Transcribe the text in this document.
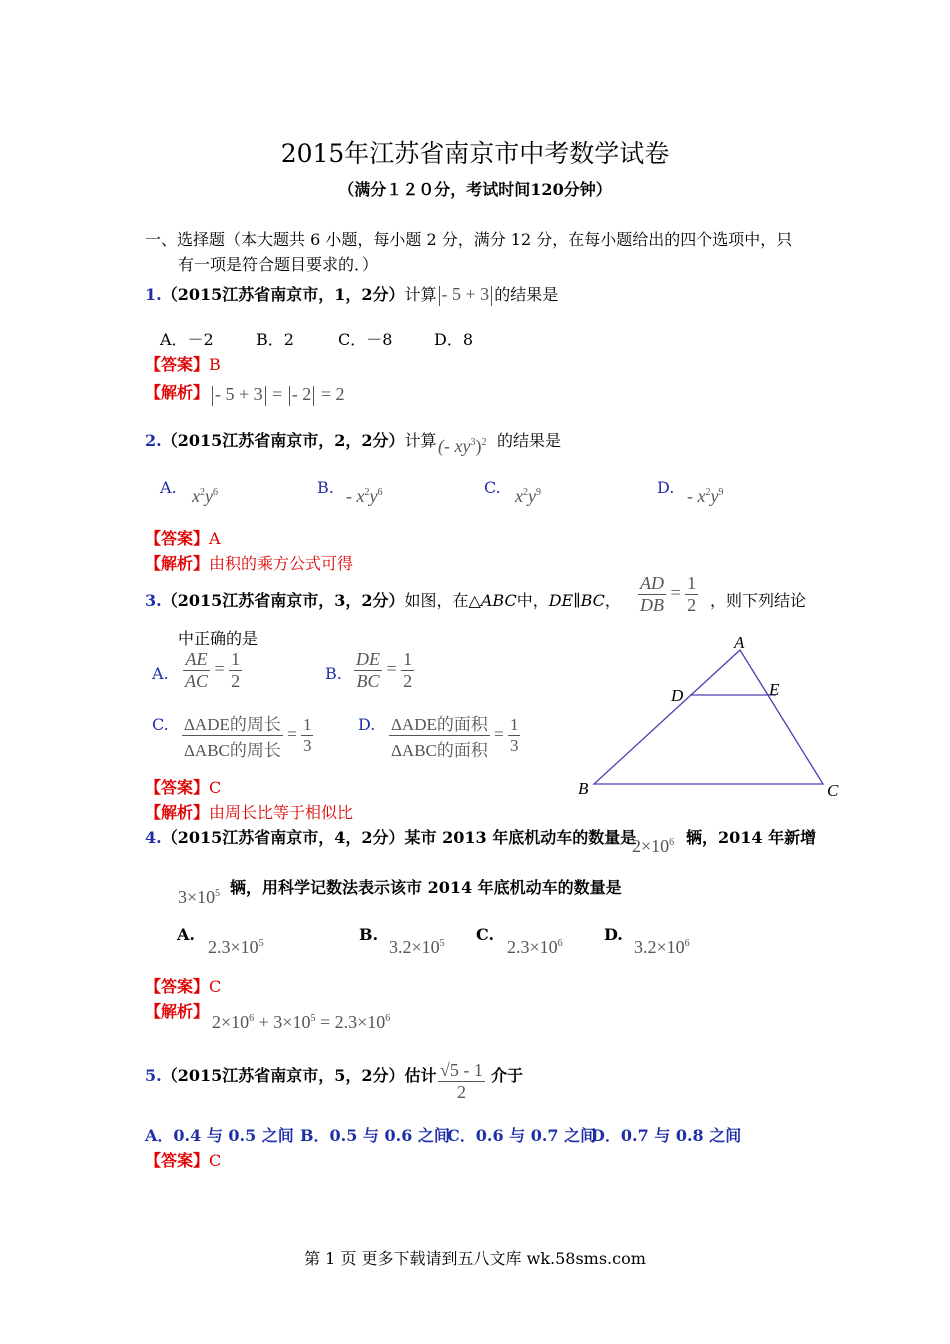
2015年江苏省南京市中考数学试卷
（满分１２０分，考试时间120分钟）
一、选择题（本大题共 6 小题，每小题 2 分，满分 12 分，在每小题给出的四个选项中，只
有一项是符合题目要求的．）
1.（2015江苏省南京市，1，2分）计算 - 5 + 3 的结果是
A．－2	B．2	C．－8	D．8
【答案】B
【解析】 - 5 + 3 = - 2 = 2
2.（2015江苏省南京市，2，2分）计算 (- $xy^3)^2$ 的结果是
A. $x^2y^6$	B. - $x^2y^6$	C. $x^2y^9$	D. - $x^2y^9$
【答案】A
【解析】由积的乘方公式可得
3.（2015江苏省南京市，3，2分）如图，在△ABC中，DE∥BC， $\frac{AD}{DB} = \frac{1}{2}$ ，则下列结论
中正确的是
A. $\frac{AE}{AC} = \frac{1}{2}$	B. $\frac{DE}{BC} = \frac{1}{2}$
C. $\frac{\text{ΔADE的周长}}{\text{ΔABC的周长}} = \frac{1}{3}$	D. $\frac{\text{ΔADE的面积}}{\text{ΔABC的面积}} = \frac{1}{3}$
A
B	C
D	E
【答案】C
【解析】由周长比等于相似比
4.（2015江苏省南京市，4，2分）某市 2013 年底机动车的数量是
$2\times 10^6$ 辆，2014 年新增
$3\times 10^5$ 辆，用科学记数法表示该市 2014 年底机动车的数量是
A.
$2.3\times 10^5$	B.
$3.2\times 10^5$ C.
$2.3\times 10^6$	D.
$3.2\times 10^6$
【答案】C
【解析】
$2\times 10^6 + 3\times 10^5 = 2.3\times 10^6$
5.（2015江苏省南京市，5，2分）估计 $\frac{√5 - 1}{2}$ 介于
A．0.4 与 0.5 之间 B．0.5 与 0.6 之间
C．0.6 与 0.7 之间
D．0.7 与 0.8 之间
【答案】C
第 1 页 更多下载请到五八文库 wk.58sms.com
